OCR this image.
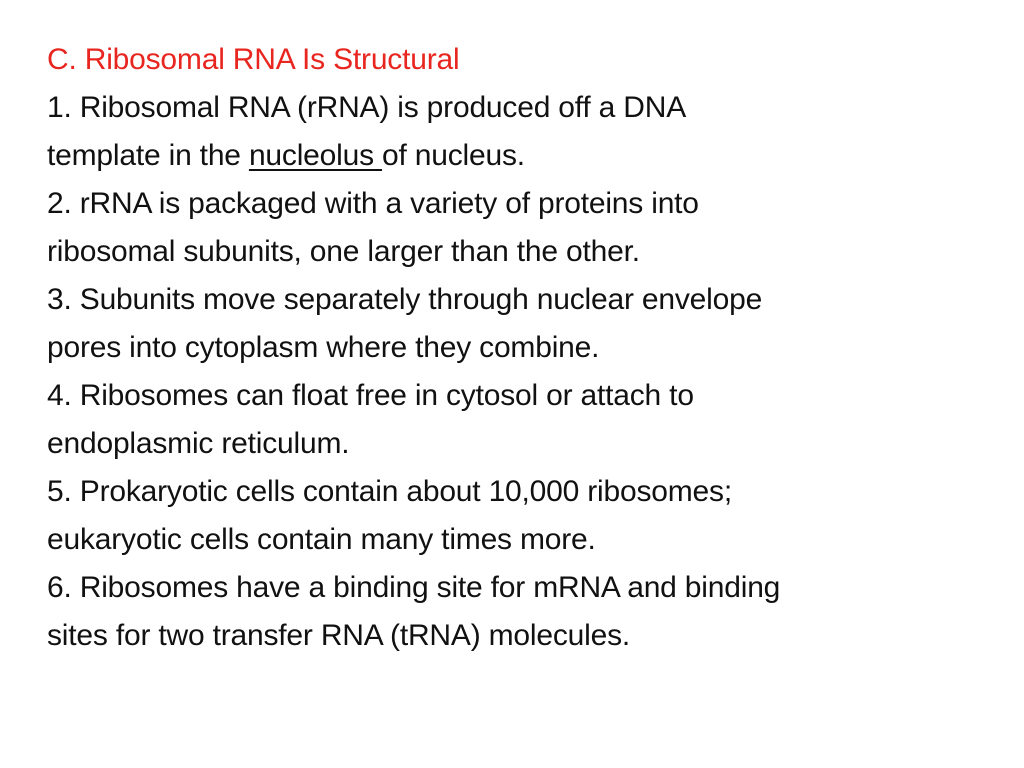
C. Ribosomal RNA Is Structural
1. Ribosomal RNA (rRNA) is produced off a DNA
template in the nucleolus of nucleus.
2. rRNA is packaged with a variety of proteins into
ribosomal subunits, one larger than the other.
3. Subunits move separately through nuclear envelope
pores into cytoplasm where they combine.
4. Ribosomes can float free in cytosol or attach to
endoplasmic reticulum.
5. Prokaryotic cells contain about 10,000 ribosomes;
eukaryotic cells contain many times more.
6. Ribosomes have a binding site for mRNA and binding
sites for two transfer RNA (tRNA) molecules.
